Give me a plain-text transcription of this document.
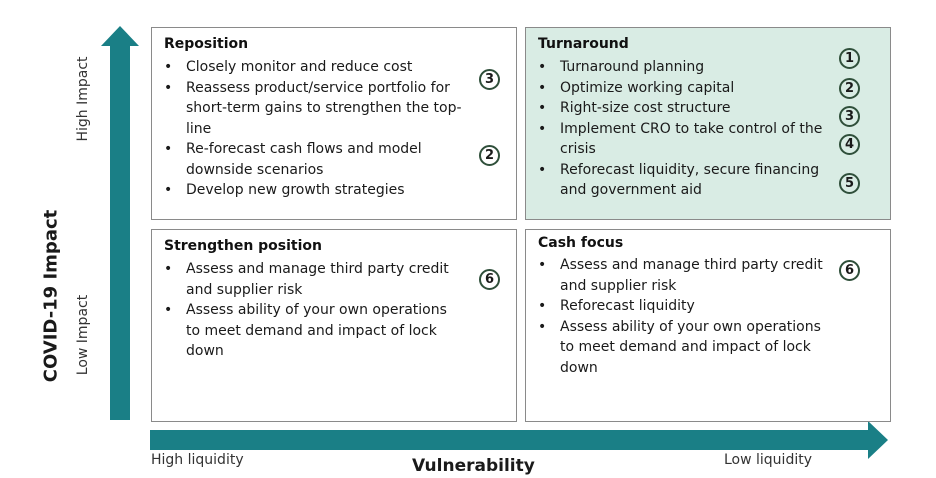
COVID-19 Impact
High Impact
Low Impact
Reposition
• Closely monitor and reduce cost
• Reassess product/service portfolio for short-term gains to strengthen the top-line
• Re-forecast cash flows and model downside scenarios
• Develop new growth strategies
3
2
Turnaround
• Turnaround planning
• Optimize working capital
• Right-size cost structure
• Implement CRO to take control of the crisis
• Reforecast liquidity, secure financing and government aid
1
2
3
4
5
Strengthen position
• Assess and manage third party credit and supplier risk
• Assess ability of your own operations to meet demand and impact of lock down
6
Cash focus
• Assess and manage third party credit and supplier risk
• Reforecast liquidity
• Assess ability of your own operations to meet demand and impact of lock down
6
High liquidity	Low liquidity
Vulnerability
